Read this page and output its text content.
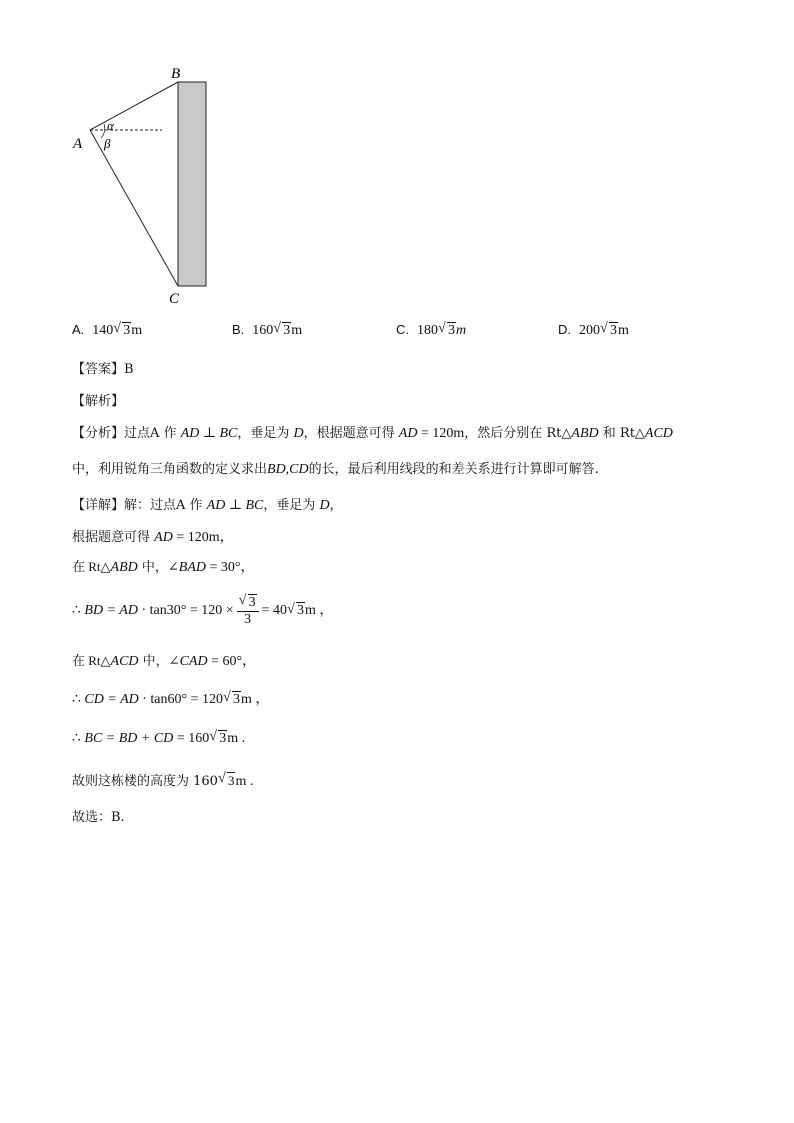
B
A
C
α
β
A. 140√ 3m	B. 160√ 3m	C. 180√ 3m	D. 200√ 3m
【答案】B
【解析】
【分析】过点A 作 AD ⊥ BC，垂足为 D，根据题意可得 AD = 120m，然后分别在 Rt△ABD 和 Rt△ACD
中，利用锐角三角函数的定义求出BD,CD的长，最后利用线段的和差关系进行计算即可解答.
【详解】解：过点A 作 AD ⊥ BC，垂足为 D，
根据题意可得 AD = 120m，
在 Rt△ABD 中，∠BAD = 30°，
∴ BD = AD · tan30° = 120 ×
√ $\frac{3}{3} = 40√$ 3m ，
在 Rt△ACD 中，∠CAD = 60°，
∴ CD = AD · tan60° = 120√ 3m ，
∴ BC = BD + CD = 160√ 3m .
故则这栋楼的高度为 160√ 3m .
故选：B.
